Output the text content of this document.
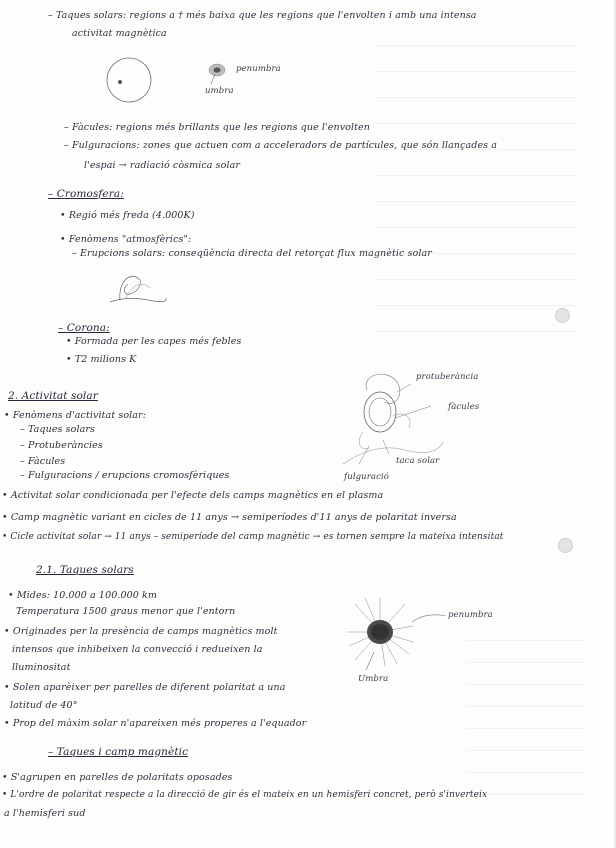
– Taques solars: regions a † més baixa que les regions que l'envolten i amb una intensa
activitat magnètica
penumbra
umbra
– Fàcules: regions més brillants que les regions que l'envolten
– Fulguracions: zones que actuen com a acceleradors de partícules, que són llançades a
l'espai → radiació còsmica solar
– Cromosfera:
• Regió més freda (4.000K)
• Fenòmens "atmosfèrics":
– Erupcions solars: conseqüència directa del retorçat flux magnètic solar
– Corona:
• Formada per les capes més febles
• T2 milions K
2. Activitat solar
• Fenòmens d'activitat solar:
– Taques solars
– Protuberàncies
– Fàcules
– Fulguracions / erupcions cromosfèriques
protuberància
fàcules
taca solar
fulguració
• Activitat solar condicionada per l'efecte dels camps magnètics en el plasma
• Camp magnètic variant en cicles de 11 anys → semiperíodes d'11 anys de polaritat inversa
• Cicle activitat solar → 11 anys – semiperíode del camp magnètic → es tornen sempre la mateixa intensitat
2.1. Taques solars
• Mides: 10.000 a 100.000 km
Temperatura 1500 graus menor que l'entorn
• Originades per la presència de camps magnètics molt
intensos que inhibeixen la convecció i redueixen la
lluminositat
• Solen aparèixer per parelles de diferent polaritat a una
latitud de 40°
• Prop del màxim solar n'apareixen més properes a l'equador
penumbra
Umbra
– Taques i camp magnètic
• S'agrupen en parelles de polaritats oposades
• L'ordre de polaritat respecte a la direcció de gir és el mateix en un hemisferi concret, però s'inverteix
a l'hemisferi sud
